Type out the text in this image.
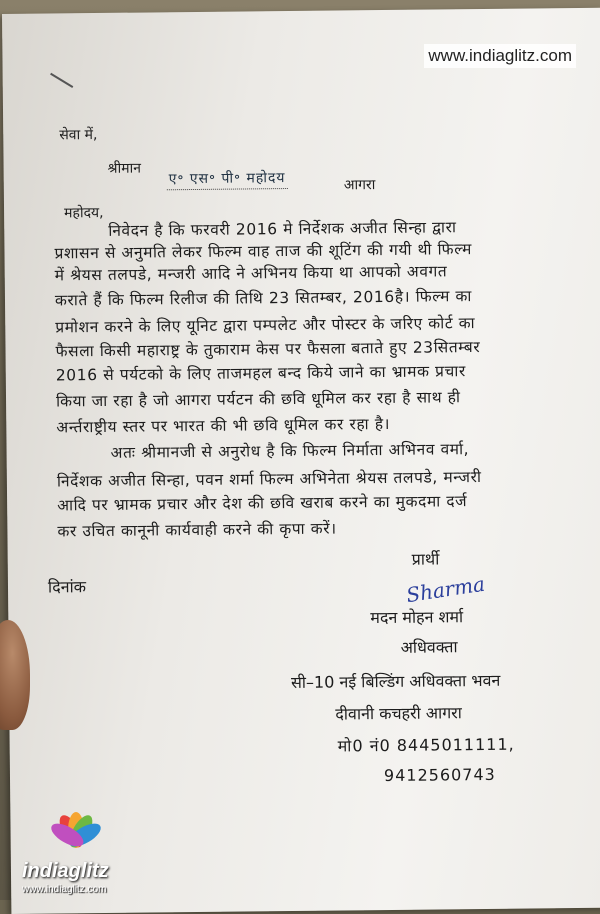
सेवा में,
श्रीमान
ए॰ एस॰ पी॰ महोदय	आगरा
महोदय,
निवेदन है कि फरवरी 2016 मे निर्देशक अजीत सिन्हा द्वारा
प्रशासन से अनुमति लेकर फिल्म वाह ताज की शूटिंग की गयी थी फिल्म
में श्रेयस तलपडे, मन्जरी आदि ने अभिनय किया था आपको अवगत
कराते हैं कि फिल्म रिलीज की तिथि 23 सितम्बर, 2016है। फिल्म का
प्रमोशन करने के लिए यूनिट द्वारा पम्पलेट और पोस्टर के जरिए कोर्ट का
फैसला किसी महाराष्ट्र के तुकाराम केस पर फैसला बताते हुए 23सितम्बर
2016 से पर्यटको के लिए ताजमहल बन्द किये जाने का भ्रामक प्रचार
किया जा रहा है जो आगरा पर्यटन की छवि धूमिल कर रहा है साथ ही
अर्न्तराष्ट्रीय स्तर पर भारत की भी छवि धूमिल कर रहा है।
अतः श्रीमानजी से अनुरोध है कि फिल्म निर्माता अभिनव वर्मा,
निर्देशक अजीत सिन्हा, पवन शर्मा फिल्म अभिनेता श्रेयस तलपडे, मन्जरी
आदि पर भ्रामक प्रचार और देश की छवि खराब करने का मुकदमा दर्ज
कर उचित कानूनी कार्यवाही करने की कृपा करें।
प्रार्थी
दिनांक	Sharma
मदन मोहन शर्मा
अधिवक्ता
सी–10 नई बिल्डिंग अधिवक्ता भवन
दीवानी कचहरी आगरा
मो0 नं0 8445011111,
9412560743
www.indiaglitz.com
indiaglitz
www.indiaglitz.com
